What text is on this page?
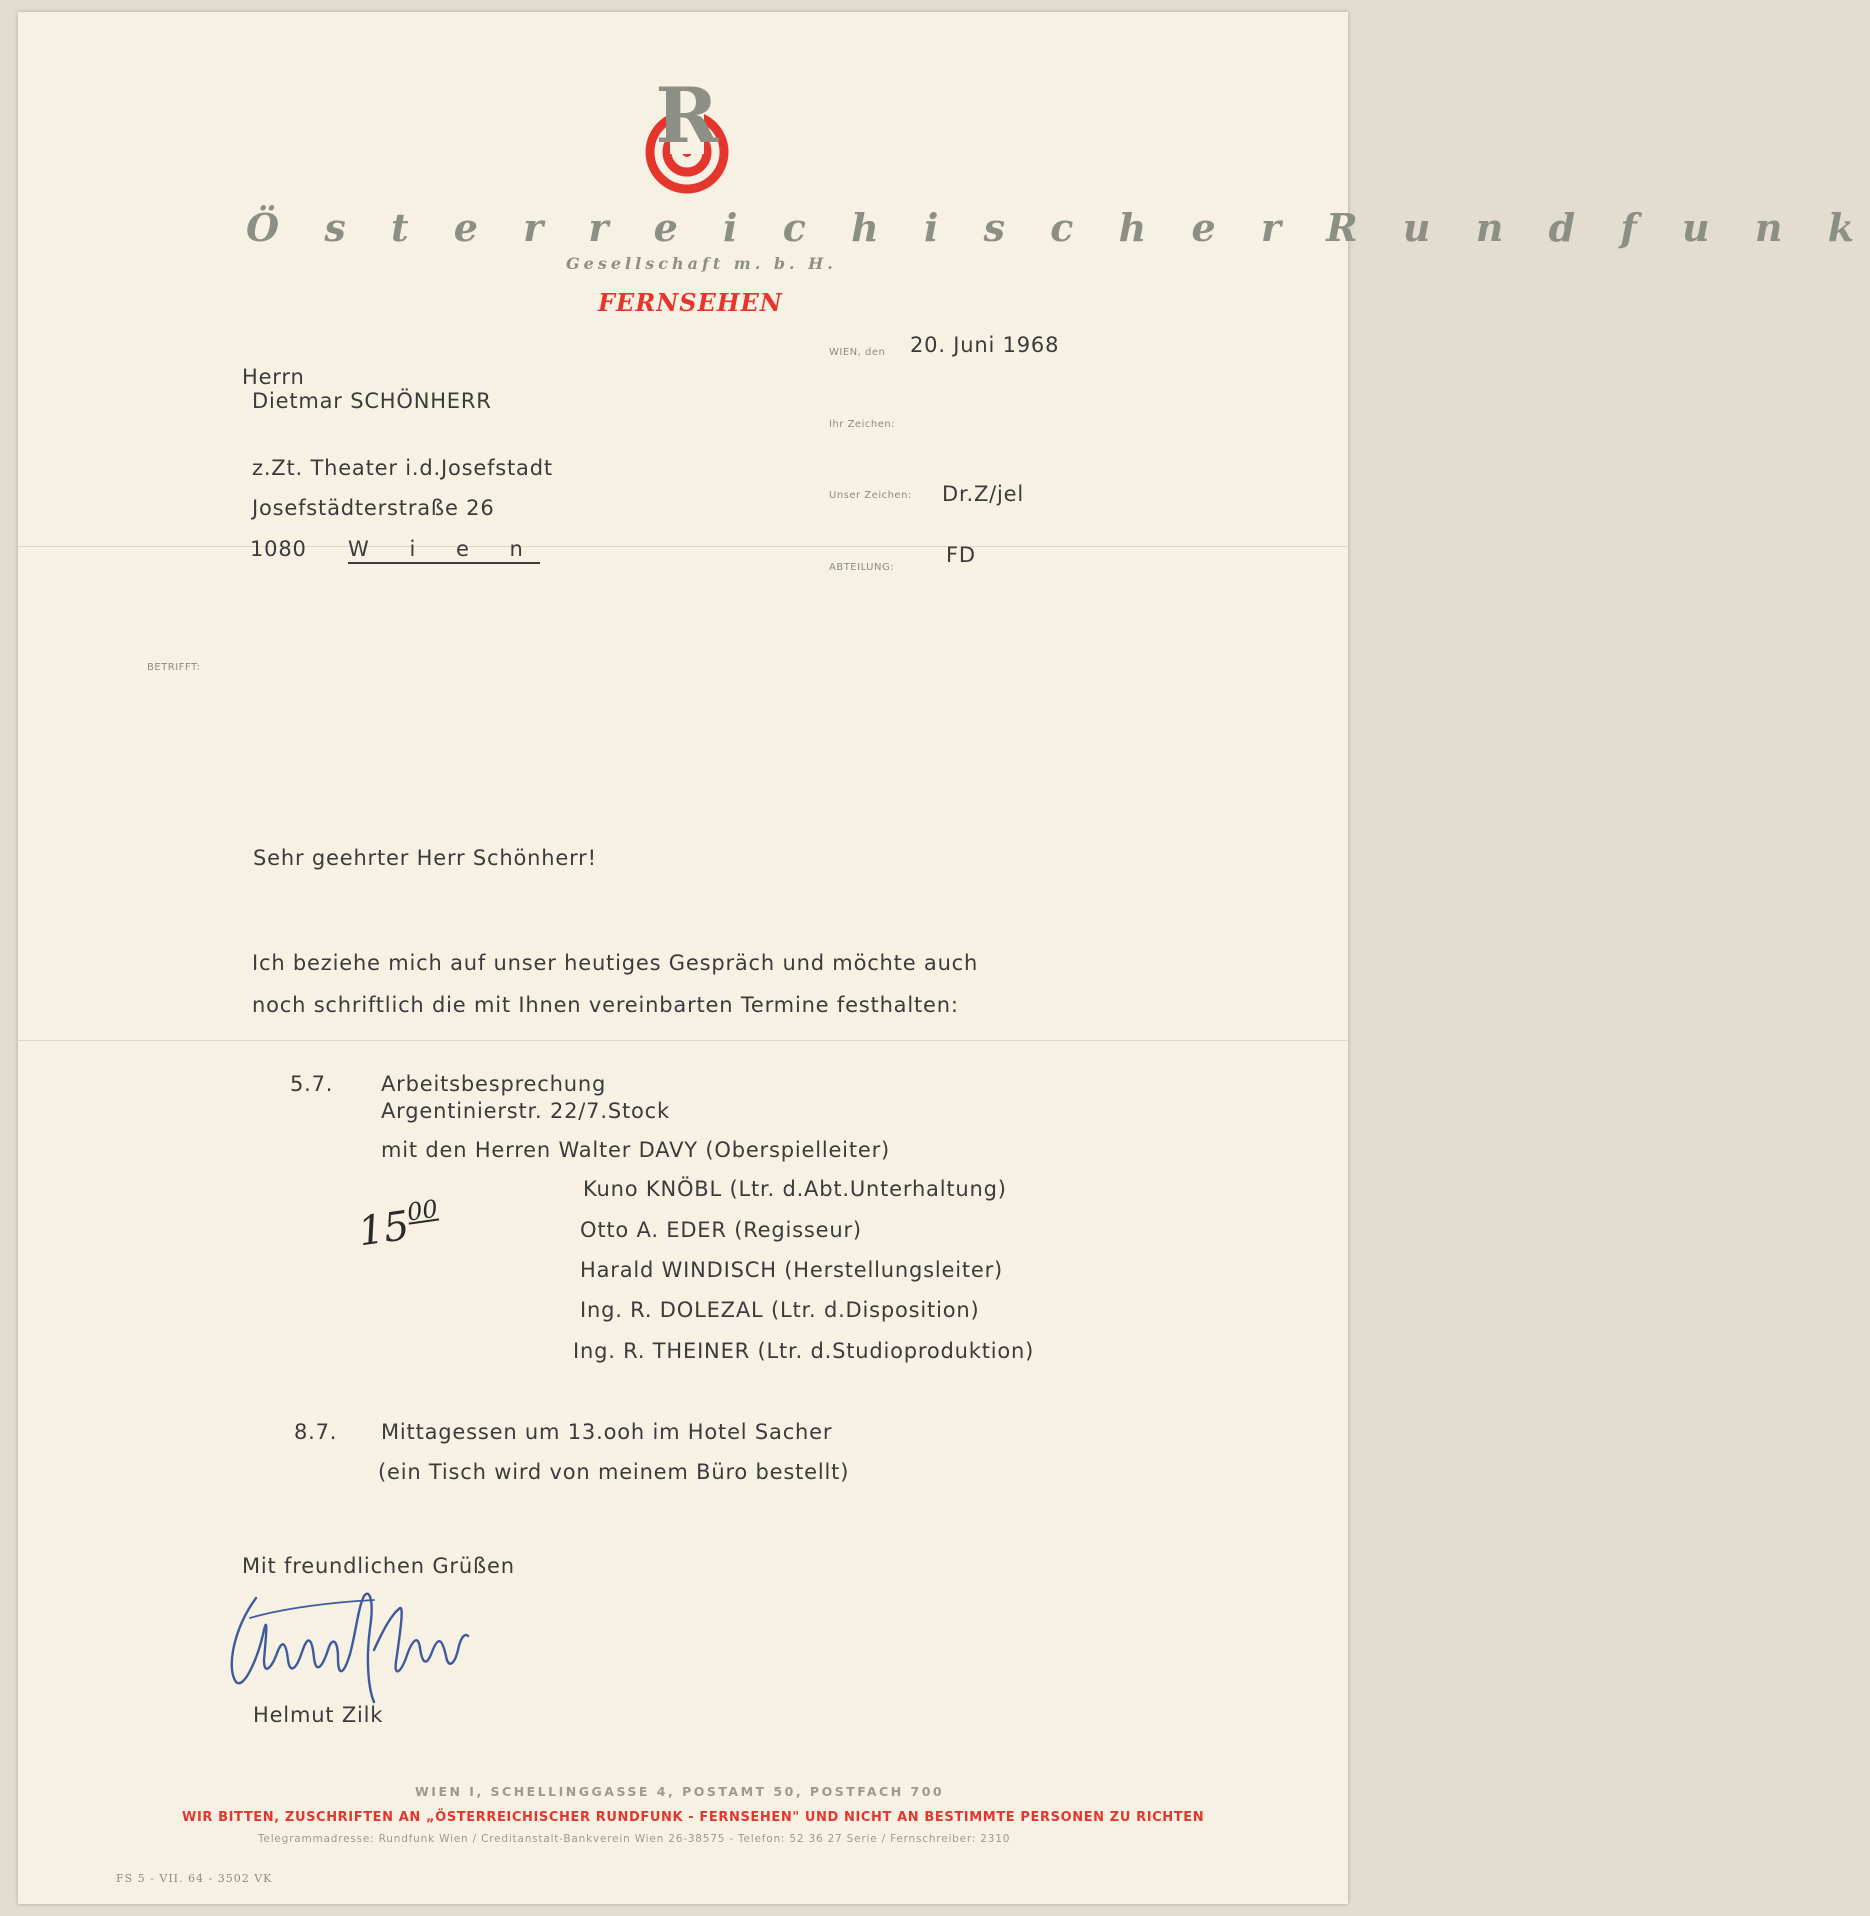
R
Ö s t e r r e i c h i s c h e r R u n d f u n k
Gesellschaft m. b. H.
FERNSEHEN
WIEN, den 20. Juni 1968
Herrn
Dietmar SCHÖNHERR
z.Zt. Theater i.d.Josefstadt
Josefstädterstraße 26
1080 W i e n
Ihr Zeichen:
Unser Zeichen: Dr.Z/jel
ABTEILUNG:
FD
BETRIFFT:
Sehr geehrter Herr Schönherr!
Ich beziehe mich auf unser heutiges Gespräch und möchte auch
noch schriftlich die mit Ihnen vereinbarten Termine festhalten:
5.7. Arbeitsbesprechung
Argentinierstr. 22/7.Stock
mit den Herren Walter DAVY (Oberspielleiter)
Kuno KNÖBL (Ltr. d.Abt.Unterhaltung)
Otto A. EDER (Regisseur)
Harald WINDISCH (Herstellungsleiter)
Ing. R. DOLEZAL (Ltr. d.Disposition)
Ing. R. THEINER (Ltr. d.Studioproduktion)
$15^{00}$
8.7. Mittagessen um 13.ooh im Hotel Sacher
(ein Tisch wird von meinem Büro bestellt)
Mit freundlichen Grüßen
Helmut Zilk
WIEN I, SCHELLINGGASSE 4, POSTAMT 50, POSTFACH 700
WIR BITTEN, ZUSCHRIFTEN AN „ÖSTERREICHISCHER RUNDFUNK - FERNSEHEN" UND NICHT AN BESTIMMTE PERSONEN ZU RICHTEN
Telegrammadresse: Rundfunk Wien / Creditanstalt-Bankverein Wien 26-38575 - Telefon: 52 36 27 Serie / Fernschreiber: 2310
FS 5 - VII. 64 - 3502 VK
